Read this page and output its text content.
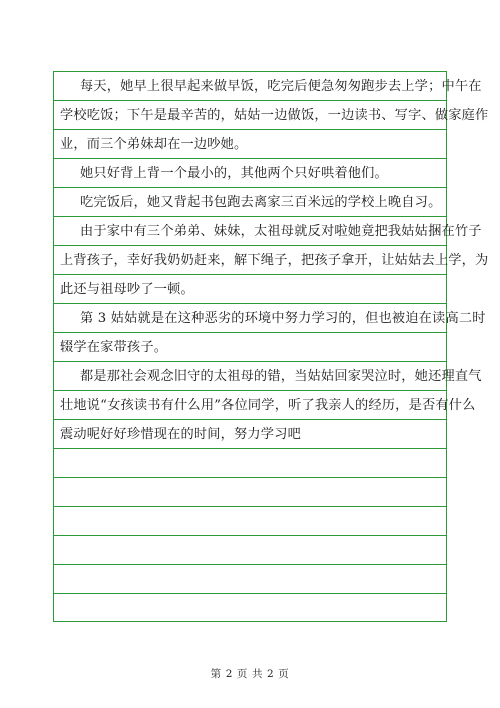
每天，她早上很早起来做早饭，吃完后便急匆匆跑步去上学；中午在
学校吃饭；下午是最辛苦的，姑姑一边做饭，一边读书、写字、做家庭作
业，而三个弟妹却在一边吵她。
她只好背上背一个最小的，其他两个只好哄着他们。
吃完饭后，她又背起书包跑去离家三百米远的学校上晚自习。
由于家中有三个弟弟、妹妹，太祖母就反对啦她竟把我姑姑捆在竹子
上背孩子，幸好我奶奶赶来，解下绳子，把孩子拿开，让姑姑去上学，为
此还与祖母吵了一顿。
第 3 姑姑就是在这种恶劣的环境中努力学习的，但也被迫在读高二时
辍学在家带孩子。
都是那社会观念旧守的太祖母的错，当姑姑回家哭泣时，她还理直气
壮地说“女孩读书有什么用”各位同学，听了我亲人的经历，是否有什么
震动呢好好珍惜现在的时间，努力学习吧
第 2 页 共 2 页
